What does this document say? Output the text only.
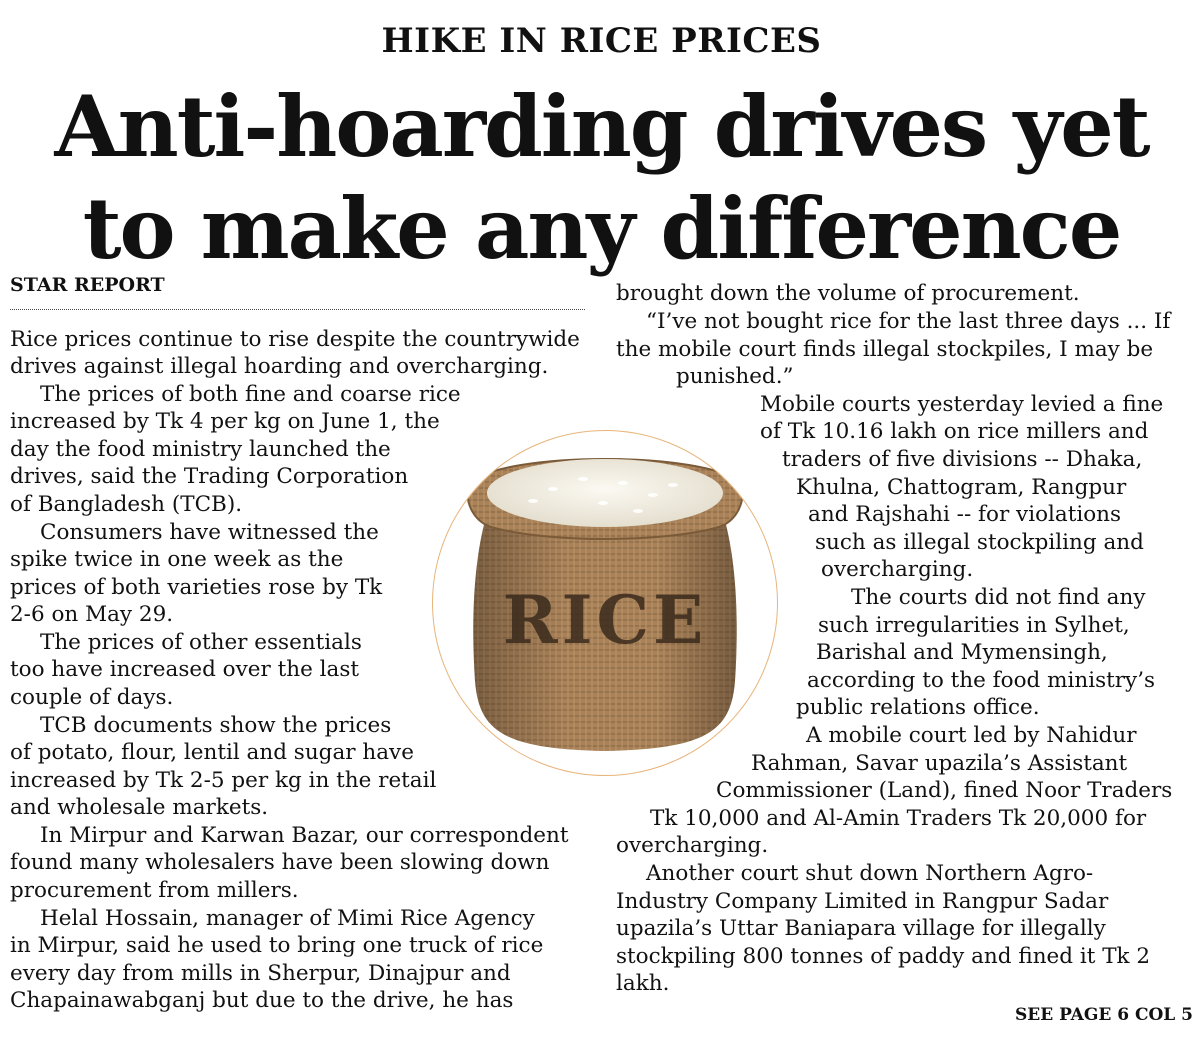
HIKE IN RICE PRICES
Anti-hoarding drives yet
to make any difference
STAR REPORT
Rice prices continue to rise despite the countrywide
drives against illegal hoarding and overcharging.
The prices of both fine and coarse rice
increased by Tk 4 per kg on June 1, the
day the food ministry launched the
drives, said the Trading Corporation
of Bangladesh (TCB).
Consumers have witnessed the
spike twice in one week as the
prices of both varieties rose by Tk
2-6 on May 29.
The prices of other essentials
too have increased over the last
couple of days.
TCB documents show the prices
of potato, flour, lentil and sugar have
increased by Tk 2-5 per kg in the retail
and wholesale markets.
In Mirpur and Karwan Bazar, our correspondent
found many wholesalers have been slowing down
procurement from millers.
Helal Hossain, manager of Mimi Rice Agency
in Mirpur, said he used to bring one truck of rice
every day from mills in Sherpur, Dinajpur and
Chapainawabganj but due to the drive, he has
brought down the volume of procurement.
“I’ve not bought rice for the last three days ... If
the mobile court finds illegal stockpiles, I may be
punished.”
Mobile courts yesterday levied a fine
of Tk 10.16 lakh on rice millers and
traders of five divisions -- Dhaka,
Khulna, Chattogram, Rangpur
and Rajshahi -- for violations
such as illegal stockpiling and
overcharging.
The courts did not find any
such irregularities in Sylhet,
Barishal and Mymensingh,
according to the food ministry’s
public relations office.
A mobile court led by Nahidur
Rahman, Savar upazila’s Assistant
Commissioner (Land), fined Noor Traders
Tk 10,000 and Al-Amin Traders Tk 20,000 for
overcharging.
Another court shut down Northern Agro-
Industry Company Limited in Rangpur Sadar
upazila’s Uttar Baniapara village for illegally
stockpiling 800 tonnes of paddy and fined it Tk 2
lakh.
RICE
SEE PAGE 6 COL 5
